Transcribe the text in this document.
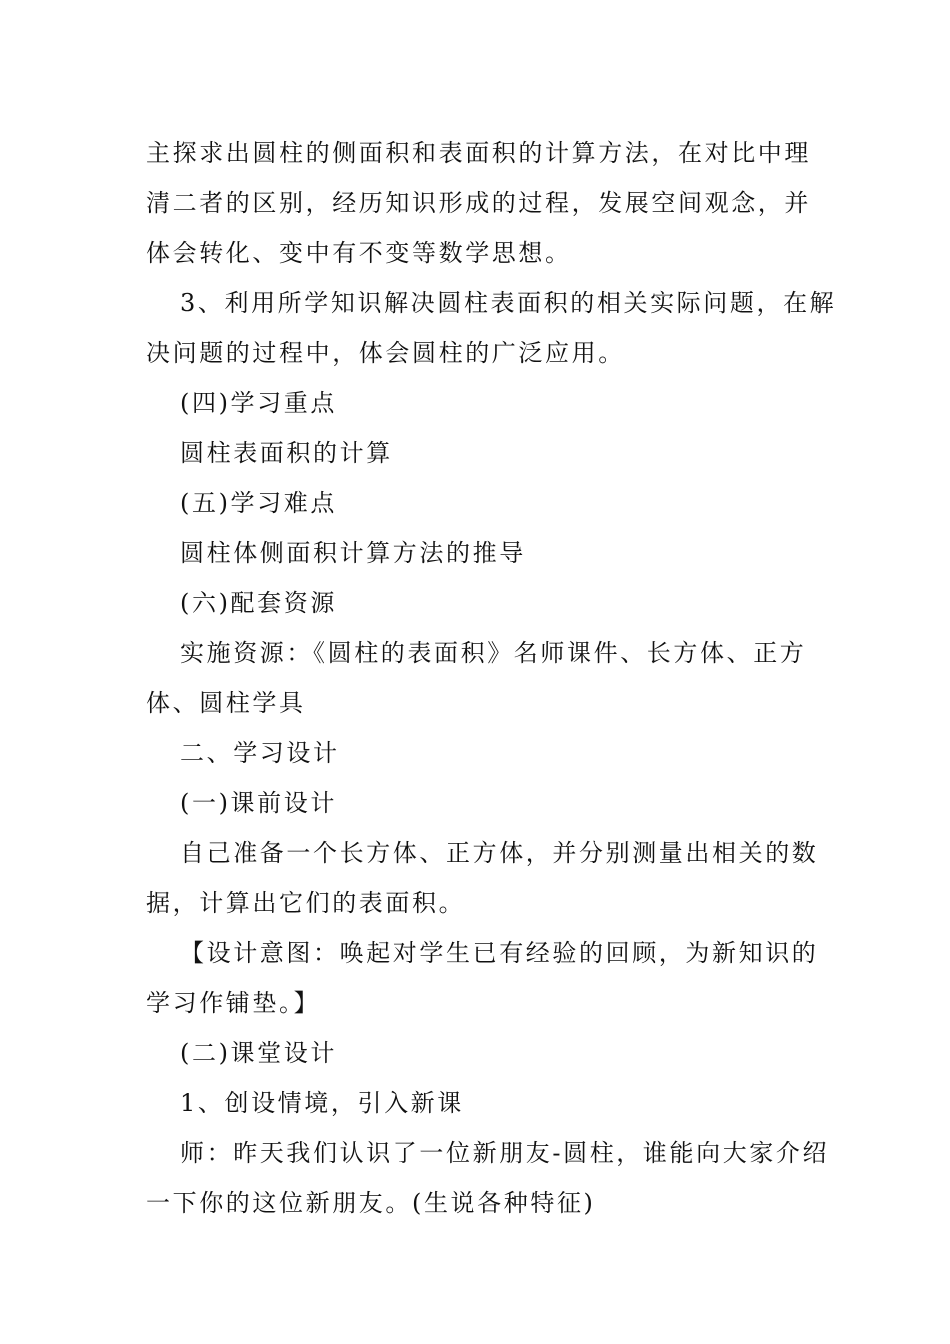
主探求出圆柱的侧面积和表面积的计算方法，在对比中理
清二者的区别，经历知识形成的过程，发展空间观念，并
体会转化、变中有不变等数学思想。
3、利用所学知识解决圆柱表面积的相关实际问题，在解
决问题的过程中，体会圆柱的广泛应用。
(四)学习重点
圆柱表面积的计算
(五)学习难点
圆柱体侧面积计算方法的推导
(六)配套资源
实施资源：《圆柱的表面积》名师课件、长方体、正方
体、圆柱学具
二、学习设计
(一)课前设计
自己准备一个长方体、正方体，并分别测量出相关的数
据，计算出它们的表面积。
【设计意图：唤起对学生已有经验的回顾，为新知识的
学习作铺垫。】
(二)课堂设计
1、创设情境，引入新课
师：昨天我们认识了一位新朋友-圆柱，谁能向大家介绍
一下你的这位新朋友。(生说各种特征)
